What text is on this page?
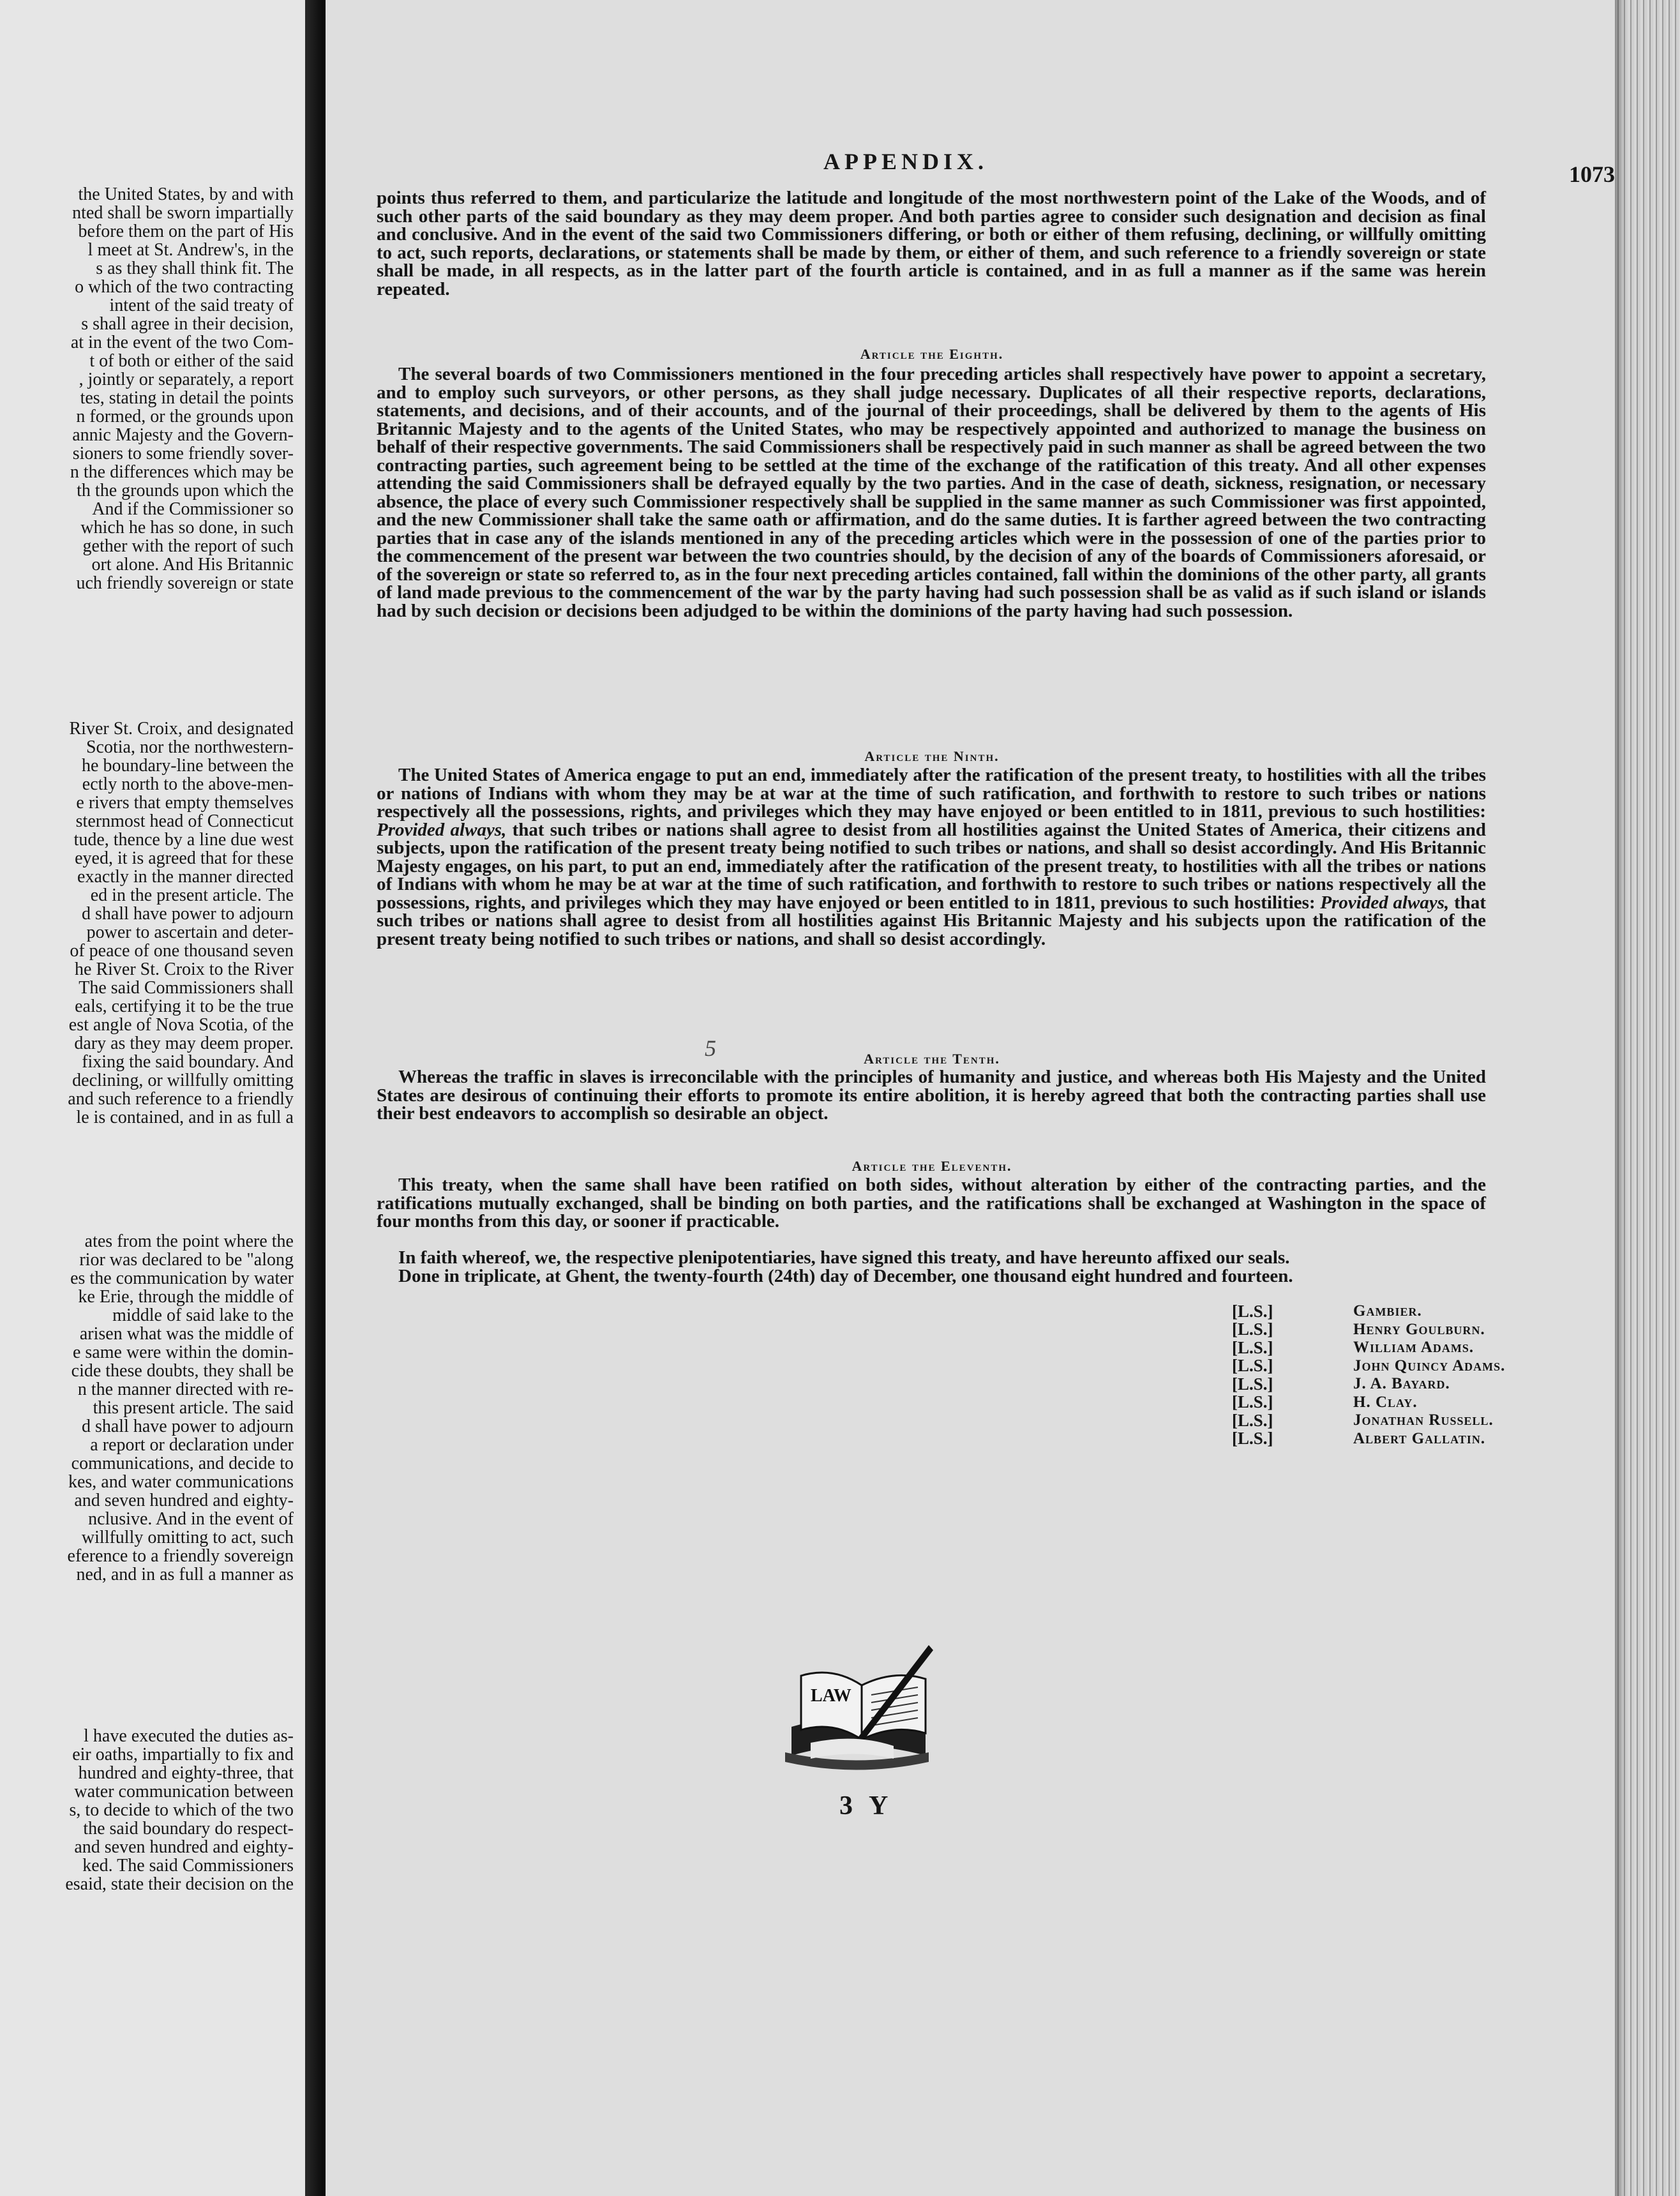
the United States, by and with
nted shall be sworn impartially
before them on the part of His
l meet at St. Andrew's, in the
s as they shall think fit. The
o which of the two contracting
intent of the said treaty of
s shall agree in their decision,
at in the event of the two Com-
t of both or either of the said
, jointly or separately, a report
tes, stating in detail the points
n formed, or the grounds upon
annic Majesty and the Govern-
sioners to some friendly sover-
n the differences which may be
th the grounds upon which the
And if the Commissioner so
which he has so done, in such
gether with the report of such
ort alone. And His Britannic
uch friendly sovereign or state
River St. Croix, and designated
Scotia, nor the northwestern-
he boundary-line between the
ectly north to the above-men-
e rivers that empty themselves
sternmost head of Connecticut
tude, thence by a line due west
eyed, it is agreed that for these
exactly in the manner directed
ed in the present article. The
d shall have power to adjourn
power to ascertain and deter-
of peace of one thousand seven
he River St. Croix to the River
The said Commissioners shall
eals, certifying it to be the true
est angle of Nova Scotia, of the
dary as they may deem proper.
fixing the said boundary. And
declining, or willfully omitting
and such reference to a friendly
le is contained, and in as full a
ates from the point where the
rior was declared to be "along
es the communication by water
ke Erie, through the middle of
middle of said lake to the
arisen what was the middle of
e same were within the domin-
cide these doubts, they shall be
n the manner directed with re-
this present article. The said
d shall have power to adjourn
a report or declaration under
communications, and decide to
kes, and water communications
and seven hundred and eighty-
nclusive. And in the event of
willfully omitting to act, such
eference to a friendly sovereign
ned, and in as full a manner as
l have executed the duties as-
eir oaths, impartially to fix and
hundred and eighty-three, that
water communication between
s, to decide to which of the two
the said boundary do respect-
and seven hundred and eighty-
ked. The said Commissioners
esaid, state their decision on the
APPENDIX.	1073

points thus referred to them, and particularize the latitude and longitude of the most northwestern point of the Lake of the Woods, and of such other parts of the said boundary as they may deem proper. And both parties agree to consider such designation and decision as final and conclusive. And in the event of the said two Commissioners differing, or both or either of them refusing, declining, or willfully omitting to act, such reports, declarations, or statements shall be made by them, or either of them, and such reference to a friendly sovereign or state shall be made, in all respects, as in the latter part of the fourth article is contained, and in as full a manner as if the same was herein repeated.

Article the Eighth.

The several boards of two Commissioners mentioned in the four preceding articles shall respectively have power to appoint a secretary, and to employ such surveyors, or other persons, as they shall judge necessary. Duplicates of all their respective reports, declarations, statements, and decisions, and of their accounts, and of the journal of their proceedings, shall be delivered by them to the agents of His Britannic Majesty and to the agents of the United States, who may be respectively appointed and authorized to manage the business on behalf of their respective governments. The said Commissioners shall be respectively paid in such manner as shall be agreed between the two contracting parties, such agreement being to be settled at the time of the exchange of the ratification of this treaty. And all other expenses attending the said Commissioners shall be defrayed equally by the two parties. And in the case of death, sickness, resignation, or necessary absence, the place of every such Commissioner respectively shall be supplied in the same manner as such Commissioner was first appointed, and the new Commissioner shall take the same oath or affirmation, and do the same duties. It is farther agreed between the two contracting parties that in case any of the islands mentioned in any of the preceding articles which were in the possession of one of the parties prior to the commencement of the present war between the two countries should, by the decision of any of the boards of Commissioners aforesaid, or of the sovereign or state so referred to, as in the four next preceding articles contained, fall within the dominions of the other party, all grants of land made previous to the commencement of the war by the party having had such possession shall be as valid as if such island or islands had by such decision or decisions been adjudged to be within the dominions of the party having had such possession.

Article the Ninth.

The United States of America engage to put an end, immediately after the ratification of the present treaty, to hostilities with all the tribes or nations of Indians with whom they may be at war at the time of such ratification, and forthwith to restore to such tribes or nations respectively all the possessions, rights, and privileges which they may have enjoyed or been entitled to in 1811, previous to such hostilities: Provided always, that such tribes or nations shall agree to desist from all hostilities against the United States of America, their citizens and subjects, upon the ratification of the present treaty being notified to such tribes or nations, and shall so desist accordingly. And His Britannic Majesty engages, on his part, to put an end, immediately after the ratification of the present treaty, to hostilities with all the tribes or nations of Indians with whom he may be at war at the time of such ratification, and forthwith to restore to such tribes or nations respectively all the possessions, rights, and privileges which they may have enjoyed or been entitled to in 1811, previous to such hostilities: Provided always, that such tribes or nations shall agree to desist from all hostilities against His Britannic Majesty and his subjects upon the ratification of the present treaty being notified to such tribes or nations, and shall so desist accordingly.

Article the Tenth.

Whereas the traffic in slaves is irreconcilable with the principles of humanity and justice, and whereas both His Majesty and the United States are desirous of continuing their efforts to promote its entire abolition, it is hereby agreed that both the contracting parties shall use their best endeavors to accomplish so desirable an object.

Article the Eleventh.

This treaty, when the same shall have been ratified on both sides, without alteration by either of the contracting parties, and the ratifications mutually exchanged, shall be binding on both parties, and the ratifications shall be exchanged at Washington in the space of four months from this day, or sooner if practicable.

In faith whereof, we, the respective plenipotentiaries, have signed this treaty, and have hereunto affixed our seals.

Done in triplicate, at Ghent, the twenty-fourth (24th) day of December, one thousand eight hundred and fourteen.

[L.S.]	Gambier.
[L.S.]	Henry Goulburn.
[L.S.]	William Adams.
[L.S.]	John Quincy Adams.
[L.S.]	J. A. Bayard.
[L.S.]	H. Clay.
[L.S.]	Jonathan Russell.
[L.S.]	Albert Gallatin.
LAW
3 Y
5
